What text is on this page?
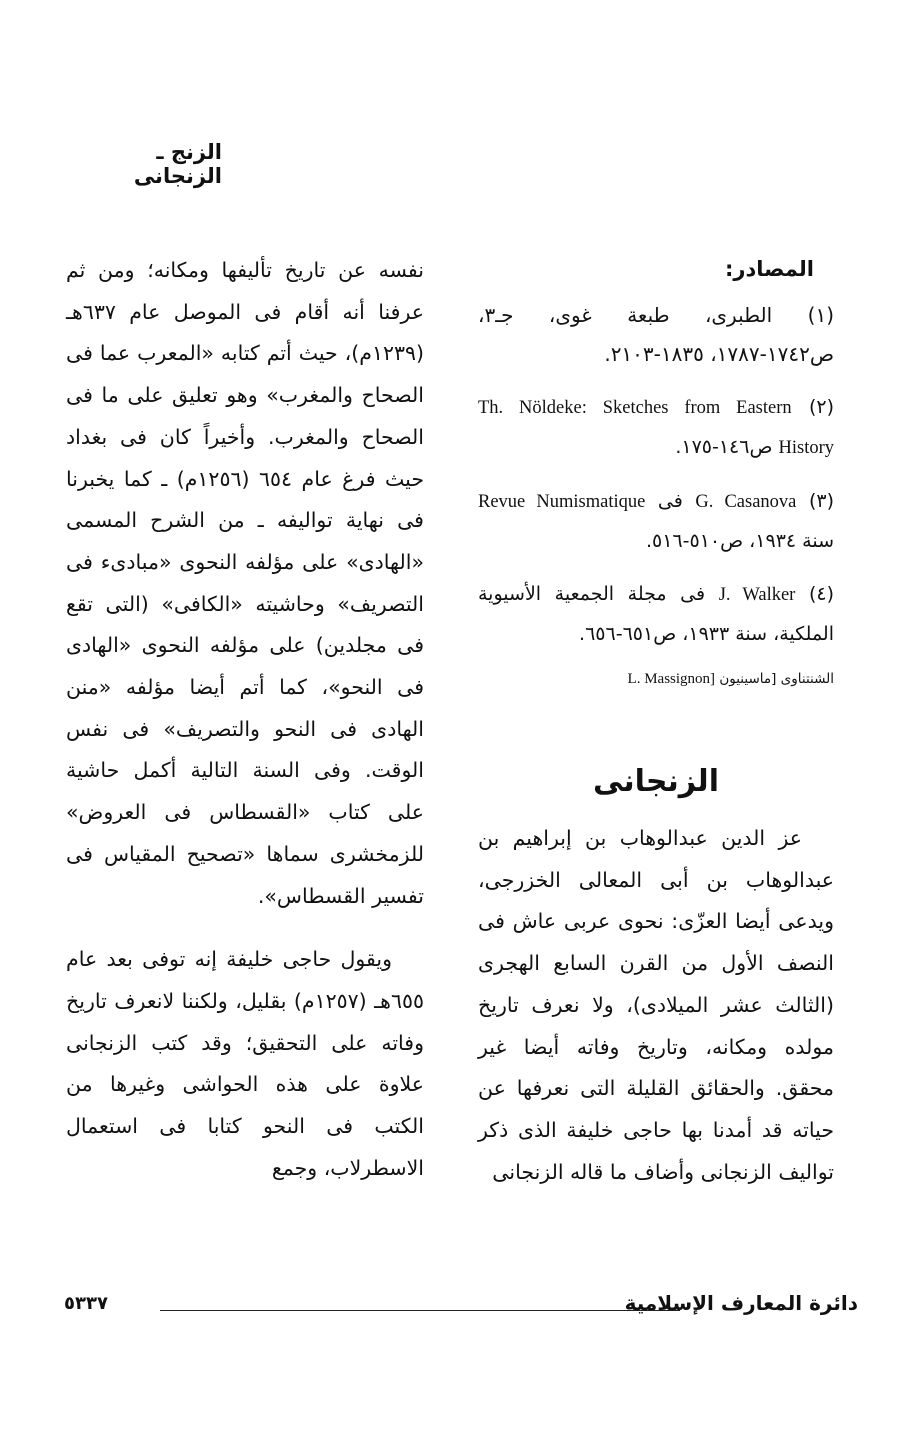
الزنج ـ الزنجانى

المصادر:

(١) الطبرى، طبعة غوى، جـ٣، ص١٧٤٢-١٧٨٧، ١٨٣٥-٢١٠٣.

(٢) Th. Nöldeke: Sketches from Eastern History ص١٤٦-١٧٥.

(٣) G. Casanova فى Revue Numismatique سنة ١٩٣٤، ص٥١٠-٥١٦.

(٤) J. Walker فى مجلة الجمعية الأسيوية الملكية، سنة ١٩٣٣، ص٦٥١-٦٥٦.

الشنتناوى [ماسينيون L. Massignon]

الزنجانى

عز الدين عبدالوهاب بن إبراهيم بن عبدالوهاب بن أبى المعالى الخزرجى، ويدعى أيضا العزّى: نحوى عربى عاش فى النصف الأول من القرن السابع الهجرى (الثالث عشر الميلادى)، ولا نعرف تاريخ مولده ومكانه، وتاريخ وفاته أيضا غير محقق. والحقائق القليلة التى نعرفها عن حياته قد أمدنا بها حاجى خليفة الذى ذكر تواليف الزنجانى وأضاف ما قاله الزنجانى

نفسه عن تاريخ تأليفها ومكانه؛ ومن ثم عرفنا أنه أقام فى الموصل عام ٦٣٧هـ (١٢٣٩م)، حيث أتم كتابه «المعرب عما فى الصحاح والمغرب» وهو تعليق على ما فى الصحاح والمغرب. وأخيراً كان فى بغداد حيث فرغ عام ٦٥٤ (١٢٥٦م) ـ كما يخبرنا فى نهاية تواليفه ـ من الشرح المسمى «الهادى» على مؤلفه النحوى «مبادىء فى التصريف» وحاشيته «الكافى» (التى تقع فى مجلدين) على مؤلفه النحوى «الهادى فى النحو»، كما أتم أيضا مؤلفه «منن الهادى فى النحو والتصريف» فى نفس الوقت. وفى السنة التالية أكمل حاشية على كتاب «القسطاس فى العروض» للزمخشرى سماها «تصحيح المقياس فى تفسير القسطاس».

ويقول حاجى خليفة إنه توفى بعد عام ٦٥٥هـ (١٢٥٧م) بقليل، ولكننا لانعرف تاريخ وفاته على التحقيق؛ وقد كتب الزنجانى علاوة على هذه الحواشى وغيرها من الكتب فى النحو كتابا فى استعمال الاسطرلاب، وجمع

دائرة المعارف الإسلامية
٥٣٣٧
